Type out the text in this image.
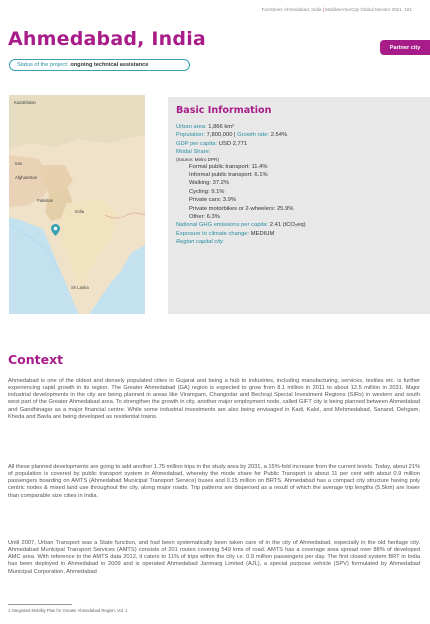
Factsheet: Ahmedabad, India | MobiliseYourCity Global Monitor 2021 101
Ahmedabad, India	Partner city
Status of the project: ongoing technical assistance
Kazakhstan
Iran
Afghanistan
Pakistan
India
Sri Lanka
Basic Information
Urban area: 1,866 km²
Population: 7,800,000 | Growth rate: 2.54%
GDP per capita: USD 2,771
Modal Share:
(Source: Metro DPR)
Formal public transport: 11.4%
Informal public transport: 6.1%
Walking: 37.2%
Cycling: 9.1%
Private cars: 3.9%
Private motorbikes or 2-wheelers: 25.9%
Other: 6.3%
National GHG emissions per capita: 2.41 (tCO₂eq)
Exposure to climate change: MEDIUM
Region capital city
Context

Ahmedabad is one of the oldest and densely populated cities in Gujarat and being a hub to industries, including manufacturing, services, textiles etc. is further experiencing rapid growth in its region. The Greater Ahmedabad (GA) region is expected to grow from 8.1 million in 2011 to about 12.5 million in 2031. Major industrial developments in the city are being planned in areas like Viramgam, Changodar and Bechraji Special Investment Regions (SIRs) in western and south west part of the Greater Ahmedabad area. To strengthen the growth in city, another major employment node, called GIFT city is being planned between Ahmedabad and Gandhinagar as a major financial centre. While some industrial investments are also being envisaged in Kadi, Kalol, and Mehmedabad, Sanand, Dehgam, Kheda and Bavla are being developed as residential towns.

All these planned developments are going to add another 1.75 million trips in the study area by 2031, a 15%-fold increase from the current levels. Today, about 21% of population is covered by public transport system in Ahmedabad, whereby the mode share for Public Transport is about 11 per cent with about 0.9 million passengers boarding on AMTS (Ahmedabad Municipal Transport Service) buses and 0.15 million on BRTS. Ahmedabad has a compact city structure having poly centric nodes & mixed land use throughout the city, along major roads. Trip patterns are dispersed as a result of which the average trip lengths (5.5km) are lower than comparable size cities in India.

Until 2007, Urban Transport was a State function, and had been systematically been taken care of in the city of Ahmedabad, especially in the old heritage city. Ahmedabad Municipal Transport Services (AMTS) consists of 201 routes covering 549 kms of road. AMTS has a coverage area spread over 88% of developed AMC area. With reference to the AMTS data 2012, it caters to 11% of trips within the city i.e. 0.9 million passengers per day. The first closed system BRT in India has been deployed in Ahmedabad in 2009 and is operated Ahmedabad Janmarg Limited (AJL), a special purpose vehicle (SPV) formulated by Ahmedabad Municipal Corporation, Ahmedabad

1 Integrated Mobility Plan for Greater Ahmedabad Region, Vol. 1
